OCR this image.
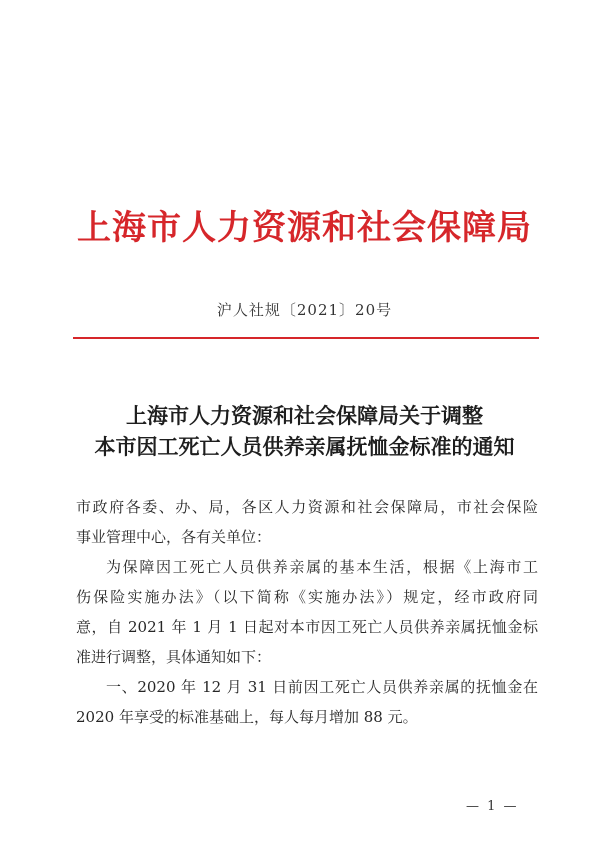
上海市人力资源和社会保障局
沪人社规〔2021〕20号
上海市人力资源和社会保障局关于调整
本市因工死亡人员供养亲属抚恤金标准的通知

市政府各委、办、局，各区人力资源和社会保障局，市社会保险
事业管理中心，各有关单位：

为保障因工死亡人员供养亲属的基本生活，根据《上海市工
伤保险实施办法》（以下简称《实施办法》）规定，经市政府同
意，自 2021 年 1 月 1 日起对本市因工死亡人员供养亲属抚恤金标
准进行调整，具体通知如下：

一、2020 年 12 月 31 日前因工死亡人员供养亲属的抚恤金在
2020 年享受的标准基础上，每人每月增加 88 元。

— 1 —
